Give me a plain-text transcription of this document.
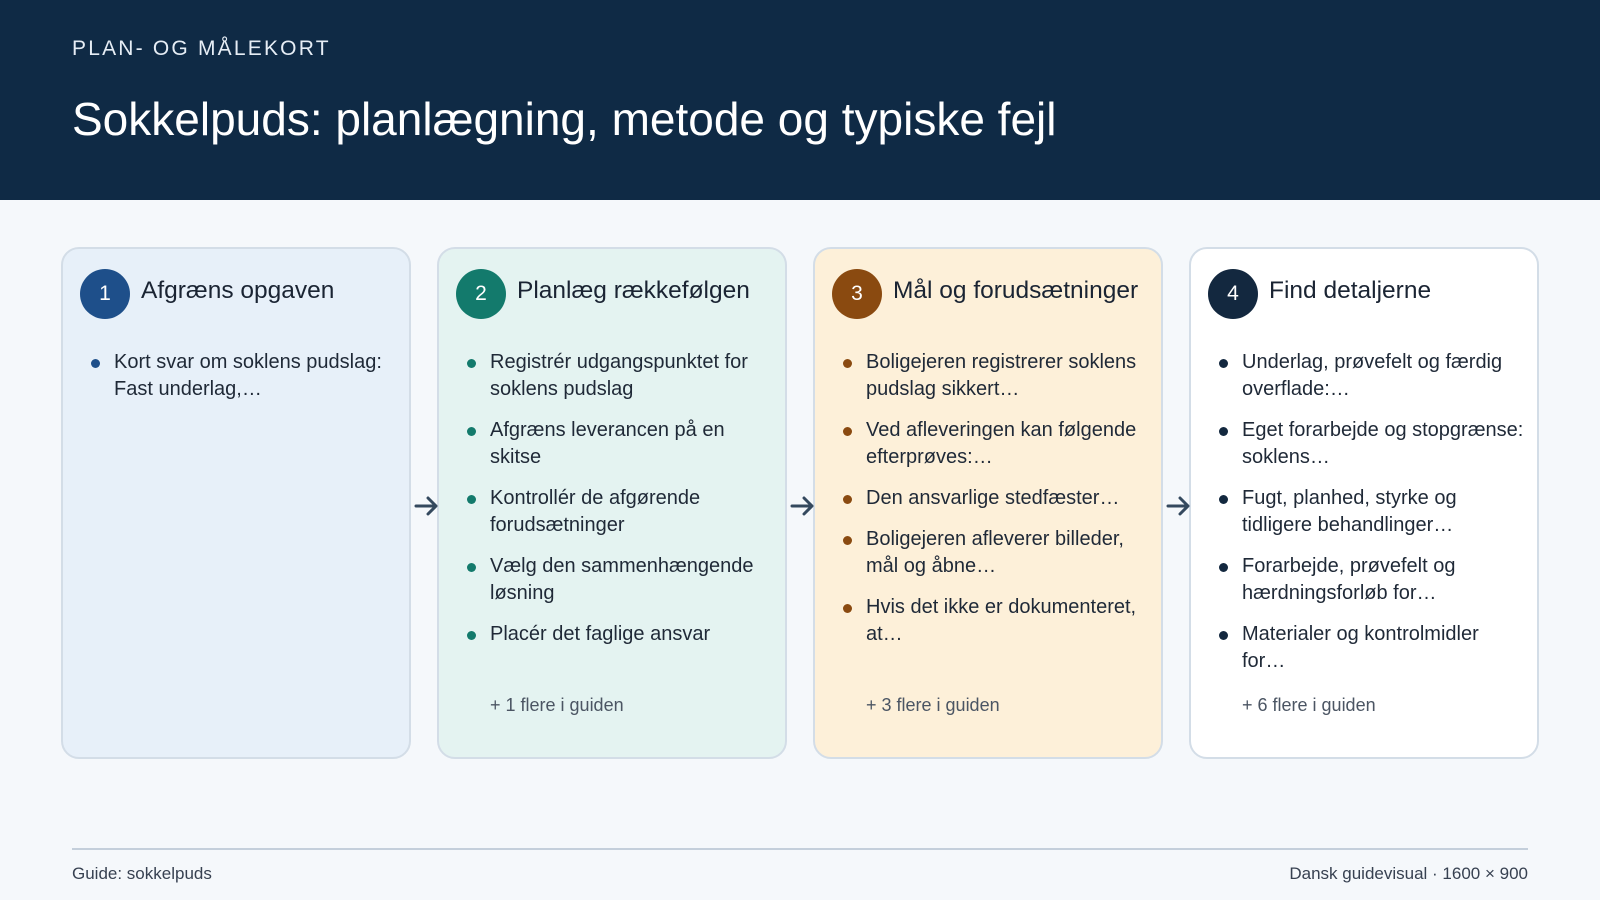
PLAN- OG MÅLEKORT
Sokkelpuds: planlægning, metode og typiske fejl
1	Afgræns opgaven
Kort svar om soklens pudslag: Fast underlag,…
2	Planlæg rækkefølgen
Registrér udgangspunktet for soklens pudslag
Afgræns leverancen på en skitse
Kontrollér de afgørende forudsætninger
Vælg den sammenhængende løsning
Placér det faglige ansvar
+ 1 flere i guiden
3	Mål og forudsætninger
Boligejeren registrerer soklens pudslag sikkert…
Ved afleveringen kan følgende efterprøves:…
Den ansvarlige stedfæster…
Boligejeren afleverer billeder, mål og åbne…
Hvis det ikke er dokumenteret, at…
+ 3 flere i guiden
4	Find detaljerne
Underlag, prøvefelt og færdig overflade:…
Eget forarbejde og stopgrænse: soklens…
Fugt, planhed, styrke og tidligere behandlinger…
Forarbejde, prøvefelt og hærdningsforløb for…
Materialer og kontrolmidler for…
+ 6 flere i guiden
Guide: sokkelpuds	Dansk guidevisual · 1600 × 900
